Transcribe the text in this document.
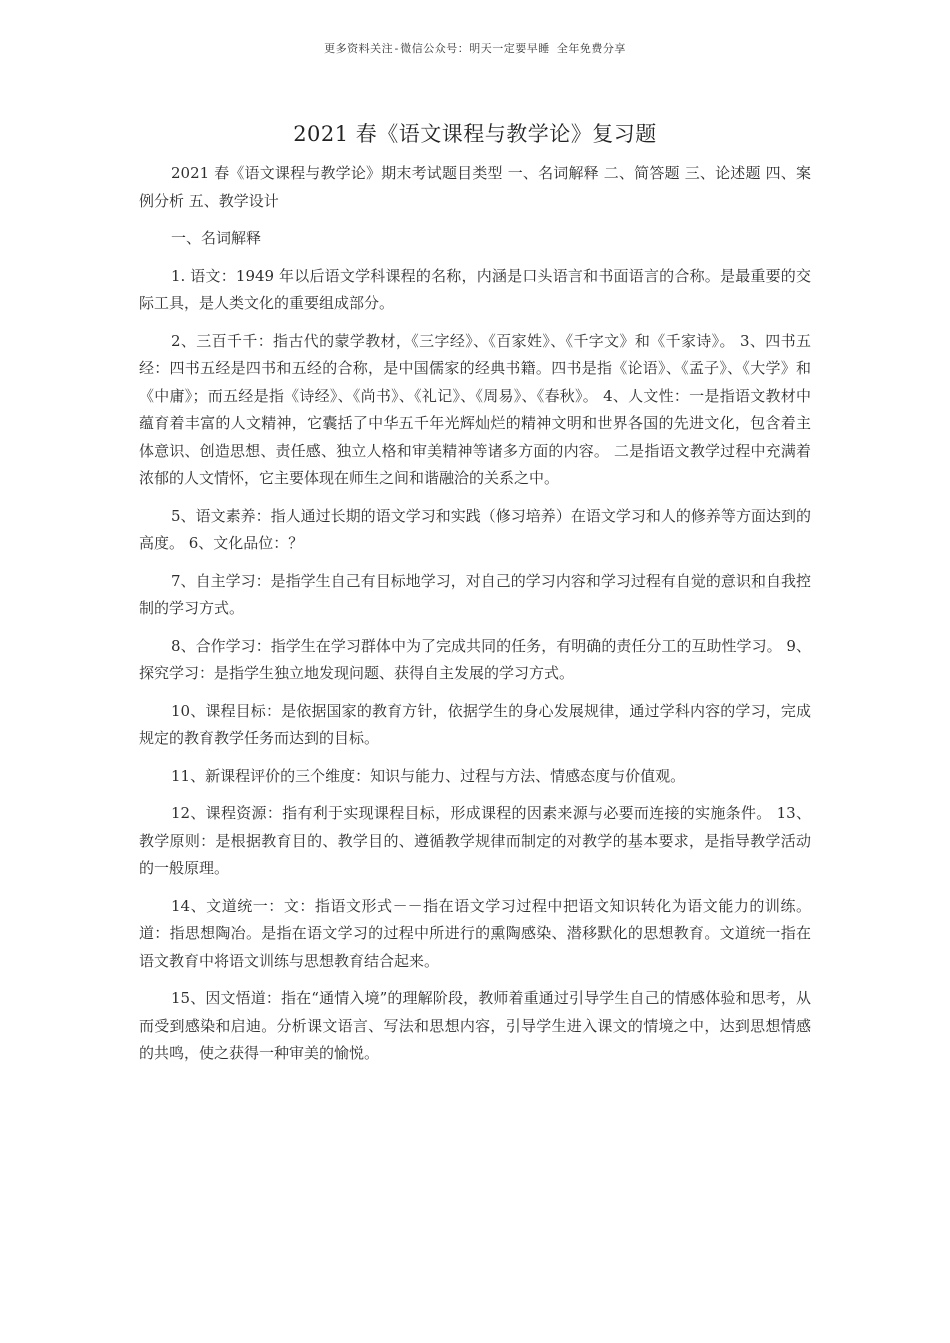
更多资料关注-微信公众号：明天一定要早睡 全年免费分享
2021 春《语文课程与教学论》复习题

2021 春《语文课程与教学论》期末考试题目类型 一、名词解释 二、简答题 三、论述题 四、案例分析 五、教学设计

一、名词解释

1. 语文：1949 年以后语文学科课程的名称，内涵是口头语言和书面语言的合称。是最重要的交际工具，是人类文化的重要组成部分。

2、三百千千：指古代的蒙学教材，《三字经》、《百家姓》、《千字文》和《千家诗》。 3、四书五经：四书五经是四书和五经的合称，是中国儒家的经典书籍。四书是指《论语》、《孟子》、《大学》和《中庸》；而五经是指《诗经》、《尚书》、《礼记》、《周易》、《春秋》。 4、人文性：一是指语文教材中蕴育着丰富的人文精神，它囊括了中华五千年光辉灿烂的精神文明和世界各国的先进文化，包含着主体意识、创造思想、责任感、独立人格和审美精神等诸多方面的内容。 二是指语文教学过程中充满着浓郁的人文情怀，它主要体现在师生之间和谐融洽的关系之中。

5、语文素养：指人通过长期的语文学习和实践（修习培养）在语文学习和人的修养等方面达到的高度。 6、文化品位：？

7、自主学习：是指学生自己有目标地学习，对自己的学习内容和学习过程有自觉的意识和自我控制的学习方式。

8、合作学习：指学生在学习群体中为了完成共同的任务，有明确的责任分工的互助性学习。 9、探究学习：是指学生独立地发现问题、获得自主发展的学习方式。

10、课程目标：是依据国家的教育方针，依据学生的身心发展规律，通过学科内容的学习，完成规定的教育教学任务而达到的目标。

11、新课程评价的三个维度：知识与能力、过程与方法、情感态度与价值观。

12、课程资源：指有利于实现课程目标，形成课程的因素来源与必要而连接的实施条件。 13、教学原则：是根据教育目的、教学目的、遵循教学规律而制定的对教学的基本要求，是指导教学活动的一般原理。

14、文道统一：文：指语文形式－－指在语文学习过程中把语文知识转化为语文能力的训练。道：指思想陶冶。是指在语文学习的过程中所进行的熏陶感染、潜移默化的思想教育。文道统一指在语文教育中将语文训练与思想教育结合起来。

15、因文悟道：指在“通情入境”的理解阶段，教师着重通过引导学生自己的情感体验和思考，从而受到感染和启迪。分析课文语言、写法和思想内容，引导学生进入课文的情境之中，达到思想情感的共鸣，使之获得一种审美的愉悦。
